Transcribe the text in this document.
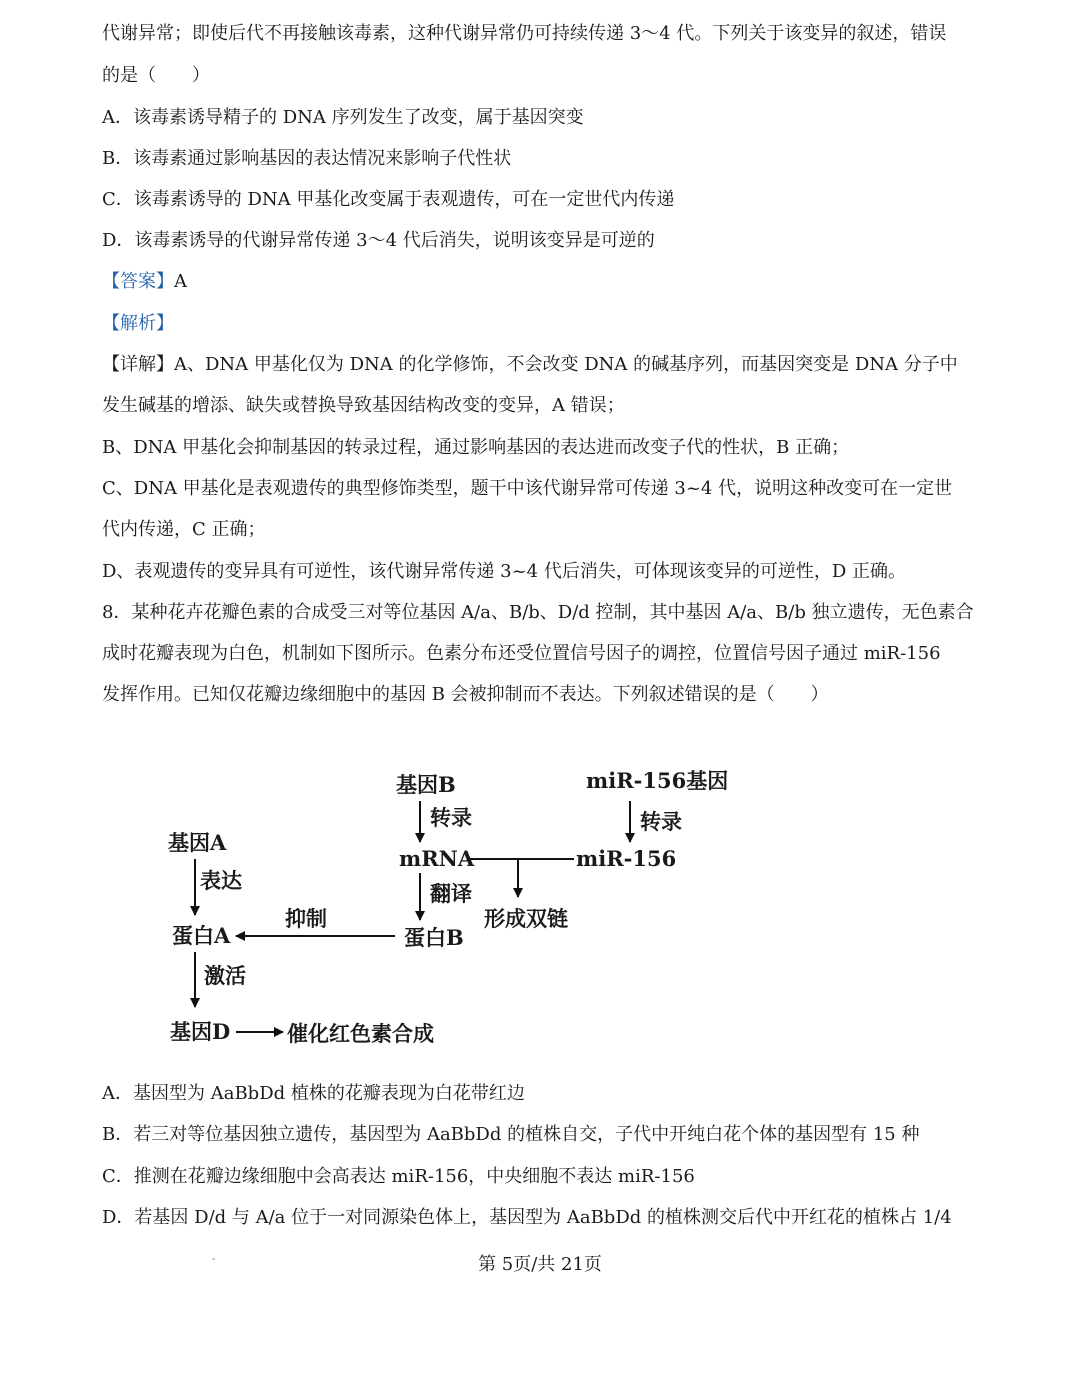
代谢异常；即使后代不再接触该毒素，这种代谢异常仍可持续传递 3～4 代。下列关于该变异的叙述，错误

的是（　　）

A．该毒素诱导精子的 DNA 序列发生了改变，属于基因突变

B．该毒素通过影响基因的表达情况来影响子代性状

C．该毒素诱导的 DNA 甲基化改变属于表观遗传，可在一定世代内传递

D．该毒素诱导的代谢异常传递 3～4 代后消失，说明该变异是可逆的

【答案】A

【解析】

【详解】A、DNA 甲基化仅为 DNA 的化学修饰，不会改变 DNA 的碱基序列，而基因突变是 DNA 分子中

发生碱基的增添、缺失或替换导致基因结构改变的变异，A 错误；

B、DNA 甲基化会抑制基因的转录过程，通过影响基因的表达进而改变子代的性状，B 正确；

C、DNA 甲基化是表观遗传的典型修饰类型，题干中该代谢异常可传递 3~4 代，说明这种改变可在一定世

代内传递，C 正确；

D、表观遗传的变异具有可逆性，该代谢异常传递 3~4 代后消失，可体现该变异的可逆性，D 正确。

8．某种花卉花瓣色素的合成受三对等位基因 A/a、B/b、D/d 控制，其中基因 A/a、B/b 独立遗传，无色素合

成时花瓣表现为白色，机制如下图所示。色素分布还受位置信号因子的调控，位置信号因子通过 miR-156

发挥作用。已知仅花瓣边缘细胞中的基因 B 会被抑制而不表达。下列叙述错误的是（　　）

基因B
转录
miR-156基因
转录
基因A
mRNA	miR-156
表达
翻译
形成双链
抑制
蛋白A	蛋白B
激活
基因D	催化红色素合成

A．基因型为 AaBbDd 植株的花瓣表现为白花带红边

B．若三对等位基因独立遗传，基因型为 AaBbDd 的植株自交，子代中开纯白花个体的基因型有 15 种

C．推测在花瓣边缘细胞中会高表达 miR-156，中央细胞不表达 miR-156

D．若基因 D/d 与 A/a 位于一对同源染色体上，基因型为 AaBbDd 的植株测交后代中开红花的植株占 1/4

-	第 5页/共 21页
